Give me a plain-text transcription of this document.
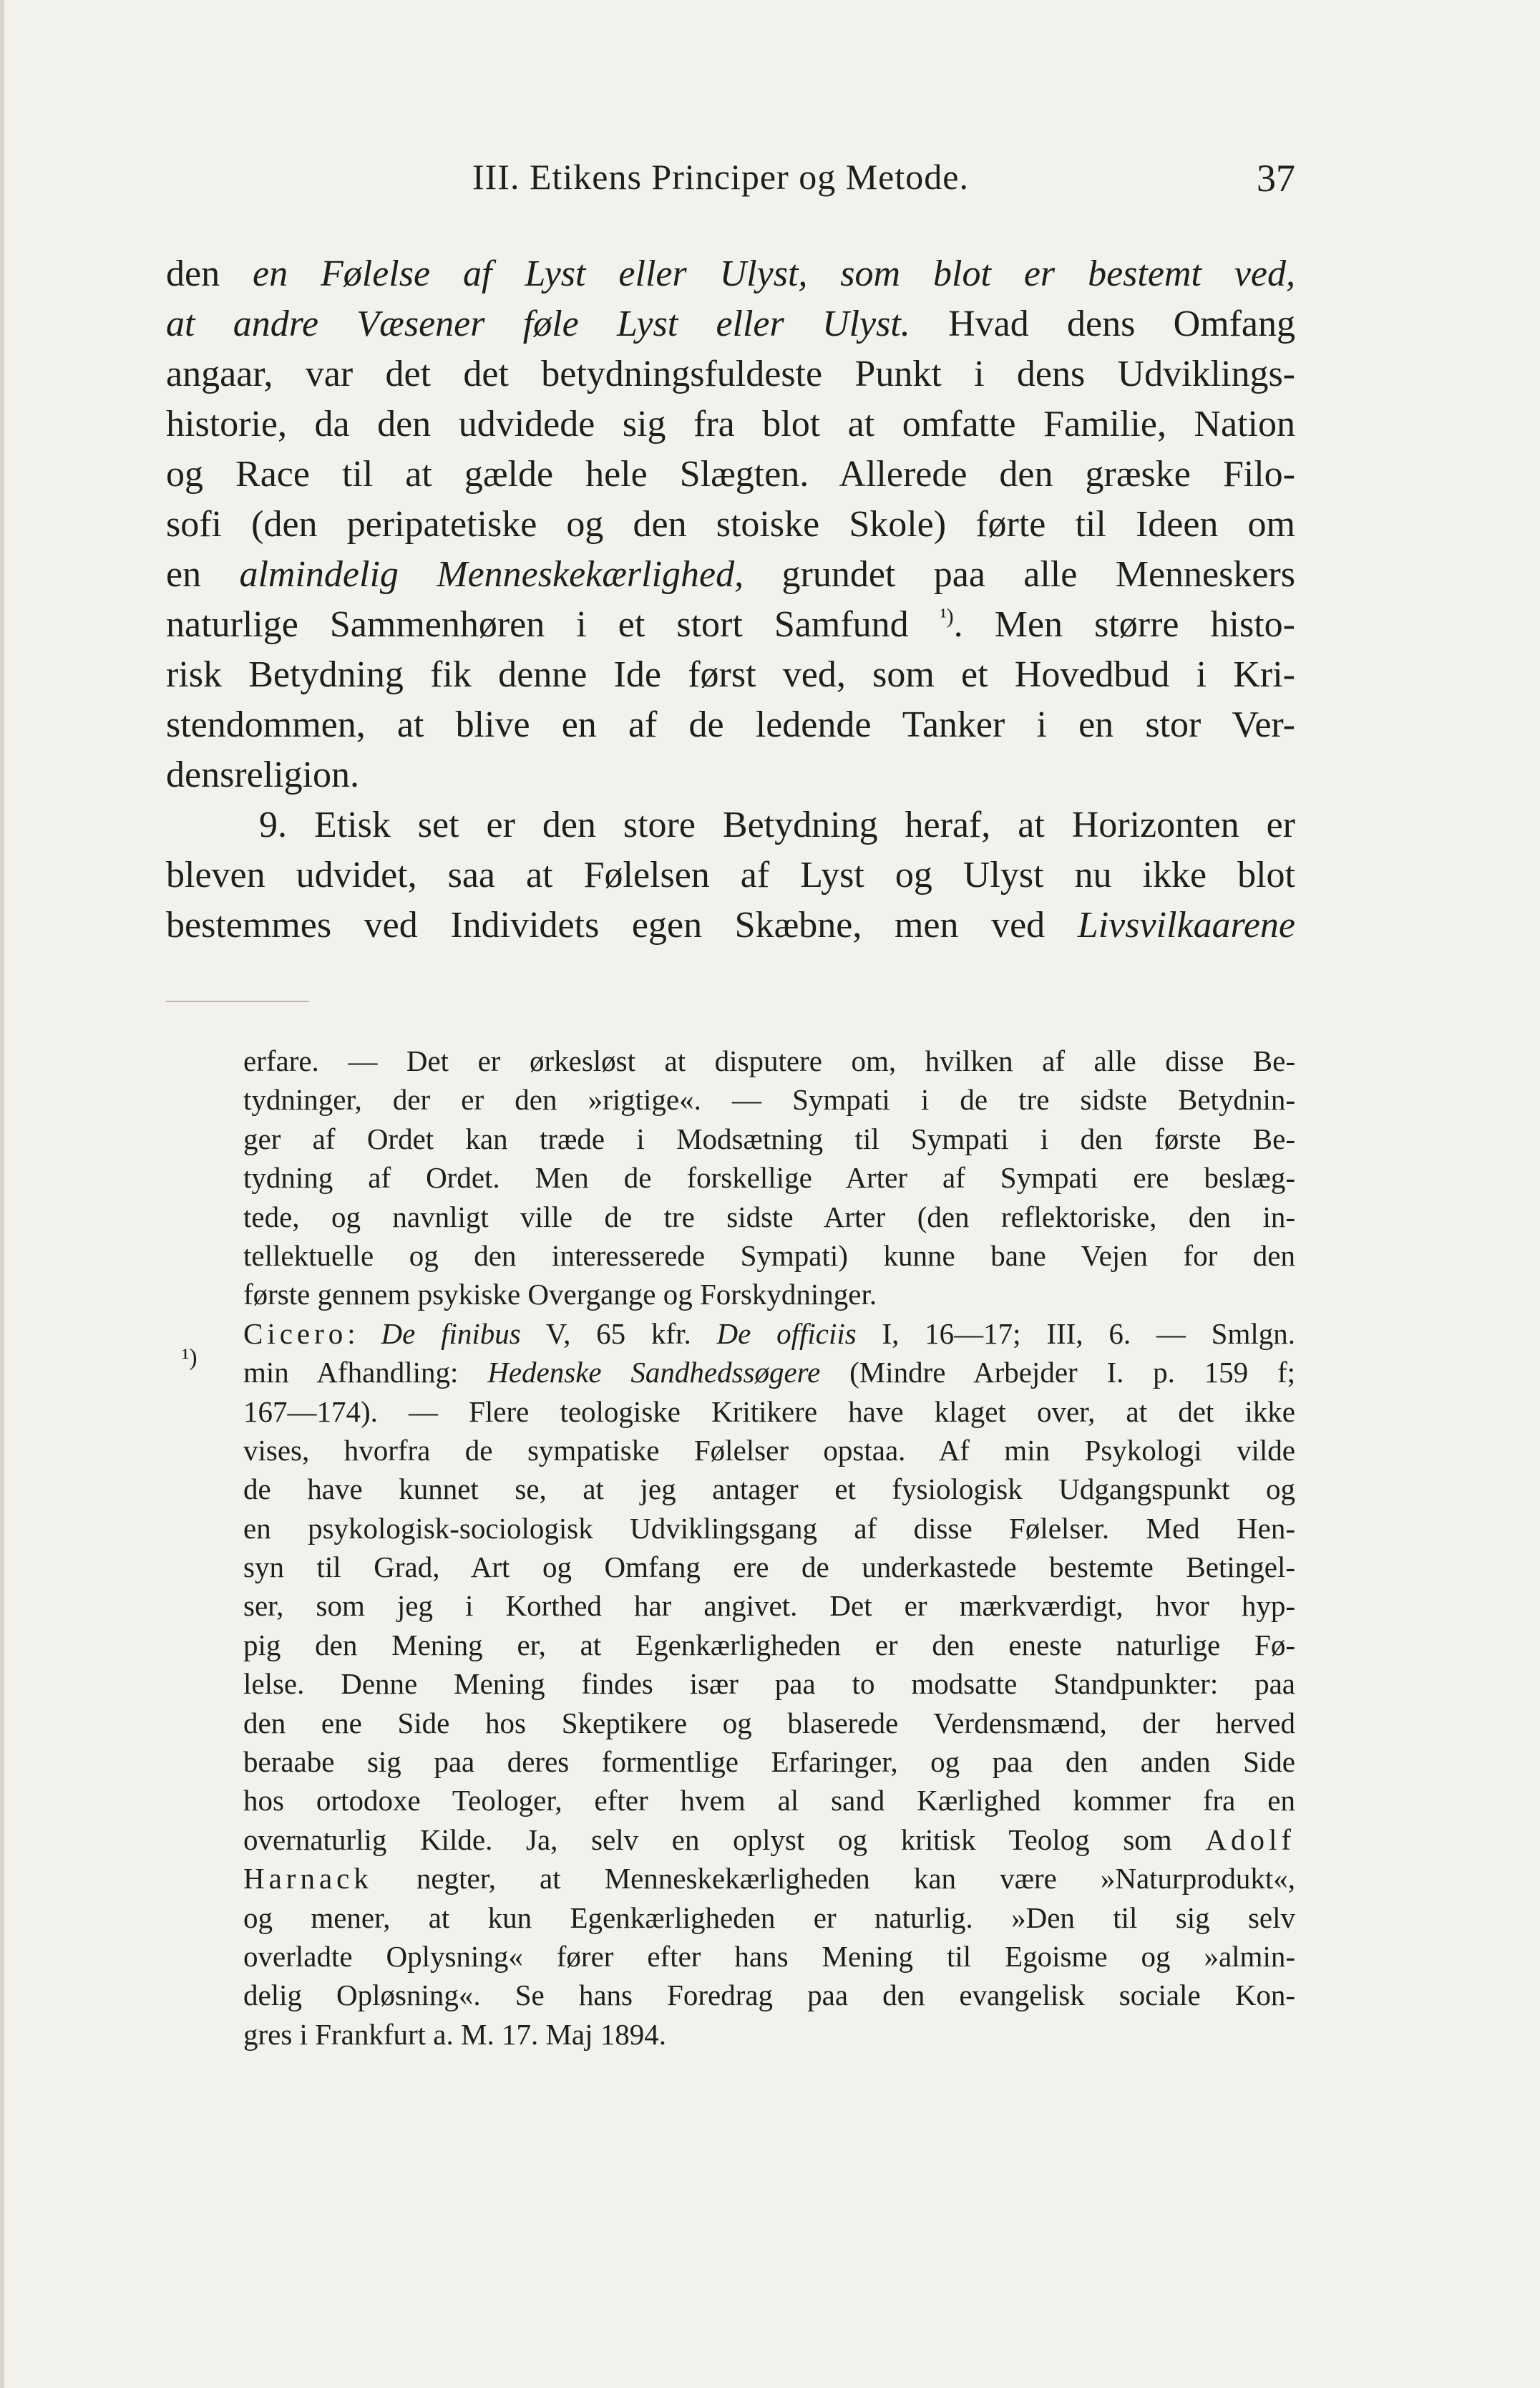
III. Etikens Principer og Metode.	37
den en Følelse af Lyst eller Ulyst, som blot er bestemt ved,
at andre Væsener føle Lyst eller Ulyst. Hvad dens Omfang
angaar, var det det betydningsfuldeste Punkt i dens Udviklings-
historie, da den udvidede sig fra blot at omfatte Familie, Nation
og Race til at gælde hele Slægten. Allerede den græske Filo-
sofi (den peripatetiske og den stoiske Skole) førte til Ideen om
en almindelig Menneskekærlighed, grundet paa alle Menneskers
naturlige Sammenhøren i et stort Samfund $^{^1)}$. Men større histo-
risk Betydning fik denne Ide først ved, som et Hovedbud i Kri-
stendommen, at blive en af de ledende Tanker i en stor Ver-
densreligion.
9. Etisk set er den store Betydning heraf, at Horizonten er
bleven udvidet, saa at Følelsen af Lyst og Ulyst nu ikke blot
bestemmes ved Individets egen Skæbne, men ved Livsvilkaarene
¹)
erfare. — Det er ørkesløst at disputere om, hvilken af alle disse Be-
tydninger, der er den »rigtige«. — Sympati i de tre sidste Betydnin-
ger af Ordet kan træde i Modsætning til Sympati i den første Be-
tydning af Ordet. Men de forskellige Arter af Sympati ere beslæg-
tede, og navnligt ville de tre sidste Arter (den reflektoriske, den in-
tellektuelle og den interesserede Sympati) kunne bane Vejen for den
første gennem psykiske Overgange og Forskydninger.
Cicero: De finibus V, 65 kfr. De officiis I, 16—17; III, 6. — Smlgn.
min Afhandling: Hedenske Sandhedssøgere (Mindre Arbejder I. p. 159 f;
167—174). — Flere teologiske Kritikere have klaget over, at det ikke
vises, hvorfra de sympatiske Følelser opstaa. Af min Psykologi vilde
de have kunnet se, at jeg antager et fysiologisk Udgangspunkt og
en psykologisk-sociologisk Udviklingsgang af disse Følelser. Med Hen-
syn til Grad, Art og Omfang ere de underkastede bestemte Betingel-
ser, som jeg i Korthed har angivet. Det er mærkværdigt, hvor hyp-
pig den Mening er, at Egenkærligheden er den eneste naturlige Fø-
lelse. Denne Mening findes især paa to modsatte Standpunkter: paa
den ene Side hos Skeptikere og blaserede Verdensmænd, der herved
beraabe sig paa deres formentlige Erfaringer, og paa den anden Side
hos ortodoxe Teologer, efter hvem al sand Kærlighed kommer fra en
overnaturlig Kilde. Ja, selv en oplyst og kritisk Teolog som Adolf
Harnack negter, at Menneskekærligheden kan være »Naturprodukt«,
og mener, at kun Egenkærligheden er naturlig. »Den til sig selv
overladte Oplysning« fører efter hans Mening til Egoisme og »almin-
delig Opløsning«. Se hans Foredrag paa den evangelisk sociale Kon-
gres i Frankfurt a. M. 17. Maj 1894.
